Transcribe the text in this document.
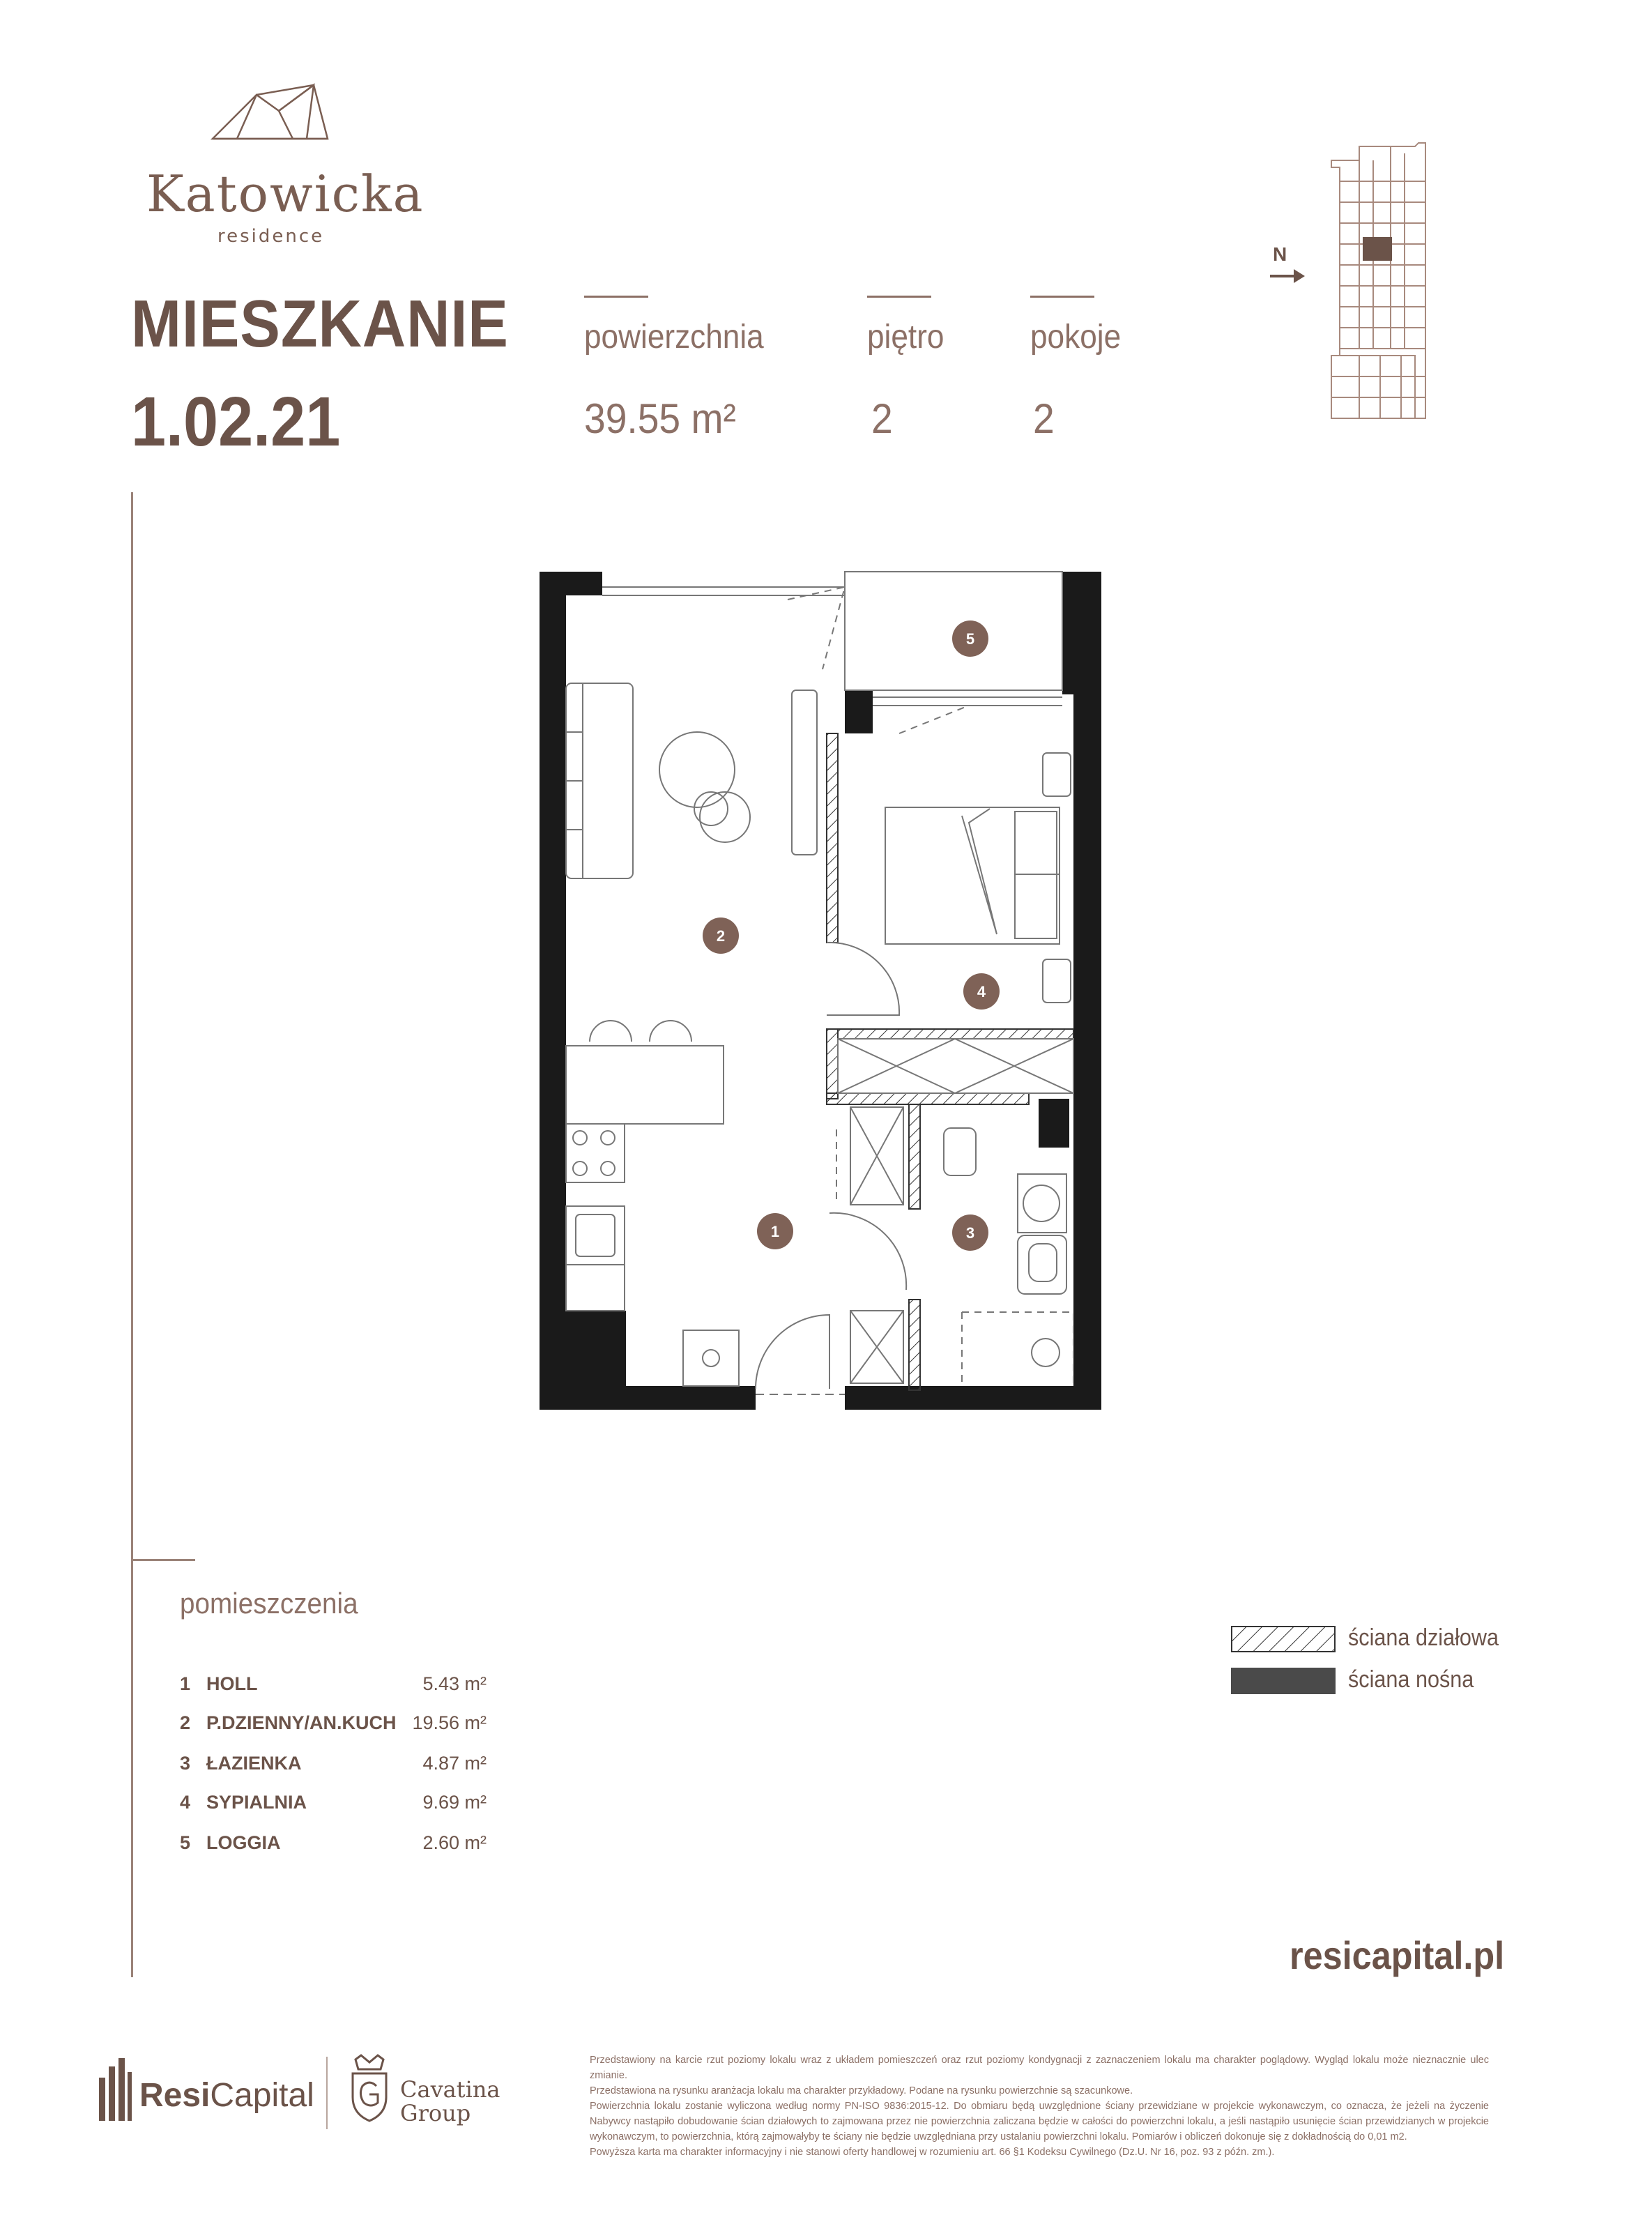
Katowicka
residence
MIESZKANIE
1.02.21
powierzchnia
39.55 m²
piętro
2
pokoje
2
N
5
2
4
1	3
pomieszczenia
1 HOLL	5.43 m²
2 P.DZIENNY/AN.KUCH 19.56 m²
3 ŁAZIENKA	4.87 m²
4 SYPIALNIA	9.69 m²
5 LOGGIA	2.60 m²
ściana działowa
ściana nośna
resicapital.pl
ResiCapital	Cavatina
Group

Przedstawiony na karcie rzut poziomy lokalu wraz z układem pomieszczeń oraz rzut poziomy kondygnacji z zaznaczeniem lokalu ma charakter poglądowy. Wygląd lokalu może nieznacznie ulec zmianie.

Przedstawiona na rysunku aranżacja lokalu ma charakter przykładowy. Podane na rysunku powierzchnie są szacunkowe.

Powierzchnia lokalu zostanie wyliczona według normy PN-ISO 9836:2015-12. Do obmiaru będą uwzględnione ściany przewidziane w projekcie wykonawczym, co oznacza, że jeżeli na życzenie Nabywcy nastąpiło dobudowanie ścian działowych to zajmowana przez nie powierzchnia zaliczana będzie w całości do powierzchni lokalu, a jeśli nastąpiło usunięcie ścian przewidzianych w projekcie wykonawczym, to powierzchnia, którą zajmowałyby te ściany nie będzie uwzględniana przy ustalaniu powierzchni lokalu. Pomiarów i obliczeń dokonuje się z dokładnością do 0,01 m2.

Powyższa karta ma charakter informacyjny i nie stanowi oferty handlowej w rozumieniu art. 66 §1 Kodeksu Cywilnego (Dz.U. Nr 16, poz. 93 z późn. zm.).
